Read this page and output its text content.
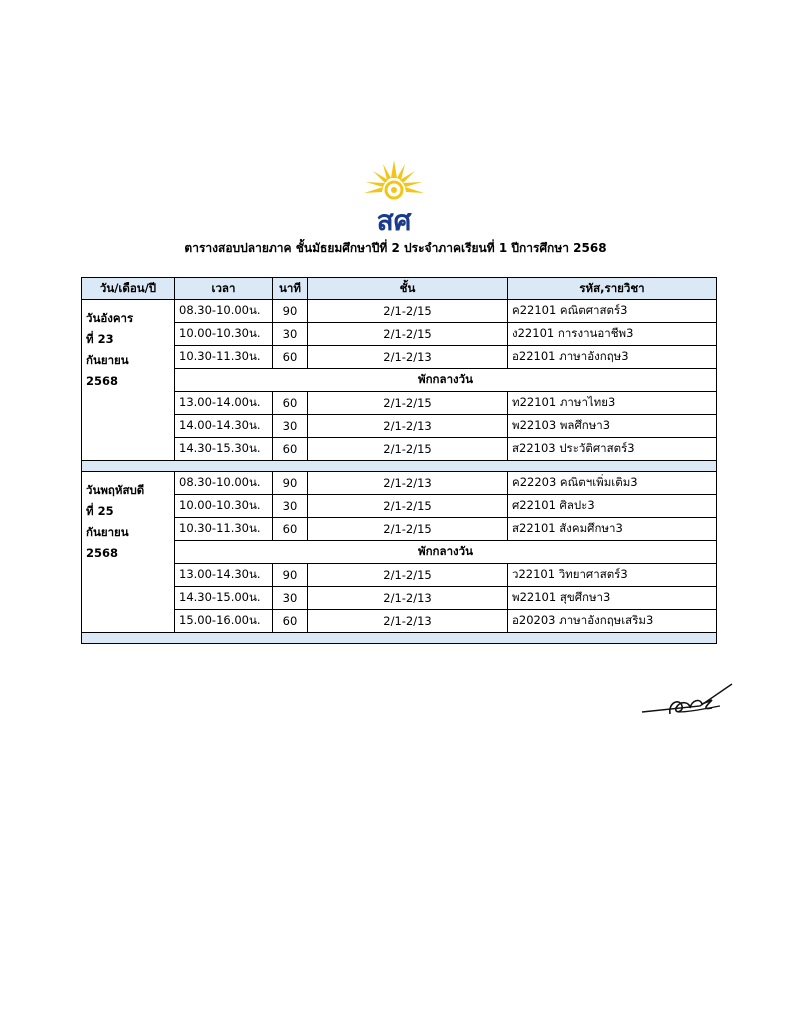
สศ
ตารางสอบปลายภาค ชั้นมัธยมศึกษาปีที่ 2 ประจำภาคเรียนที่ 1 ปีการศึกษา 2568
วัน/เดือน/ปี	เวลา	นาที	ชั้น	รหัส,รายวิชา

วันอังคาร
ที่ 23
กันยายน
2568	08.30-10.00น.	90	2/1-2/15	ค22101 คณิตศาสตร์3
	10.00-10.30น.	30	2/1-2/15	ง22101 การงานอาชีพ3
	10.30-11.30น.	60	2/1-2/13	อ22101 ภาษาอังกฤษ3
	พักกลางวัน			
	13.00-14.00น.	60	2/1-2/15	ท22101 ภาษาไทย3
	14.00-14.30น.	30	2/1-2/13	พ22103 พลศึกษา3
	14.30-15.30น.	60	2/1-2/15	ส22103 ประวัติศาสตร์3

วันพฤหัสบดี
ที่ 25
กันยายน
2568	08.30-10.00น.	90	2/1-2/13	ค22203 คณิตฯเพิ่มเติม3
	10.00-10.30น.	30	2/1-2/15	ศ22101 ศิลปะ3
	10.30-11.30น.	60	2/1-2/15	ส22101 สังคมศึกษา3
	พักกลางวัน			
	13.00-14.30น.	90	2/1-2/15	ว22101 วิทยาศาสตร์3
	14.30-15.00น.	30	2/1-2/13	พ22101 สุขศึกษา3
	15.00-16.00น.	60	2/1-2/13	อ20203 ภาษาอังกฤษเสริม3
